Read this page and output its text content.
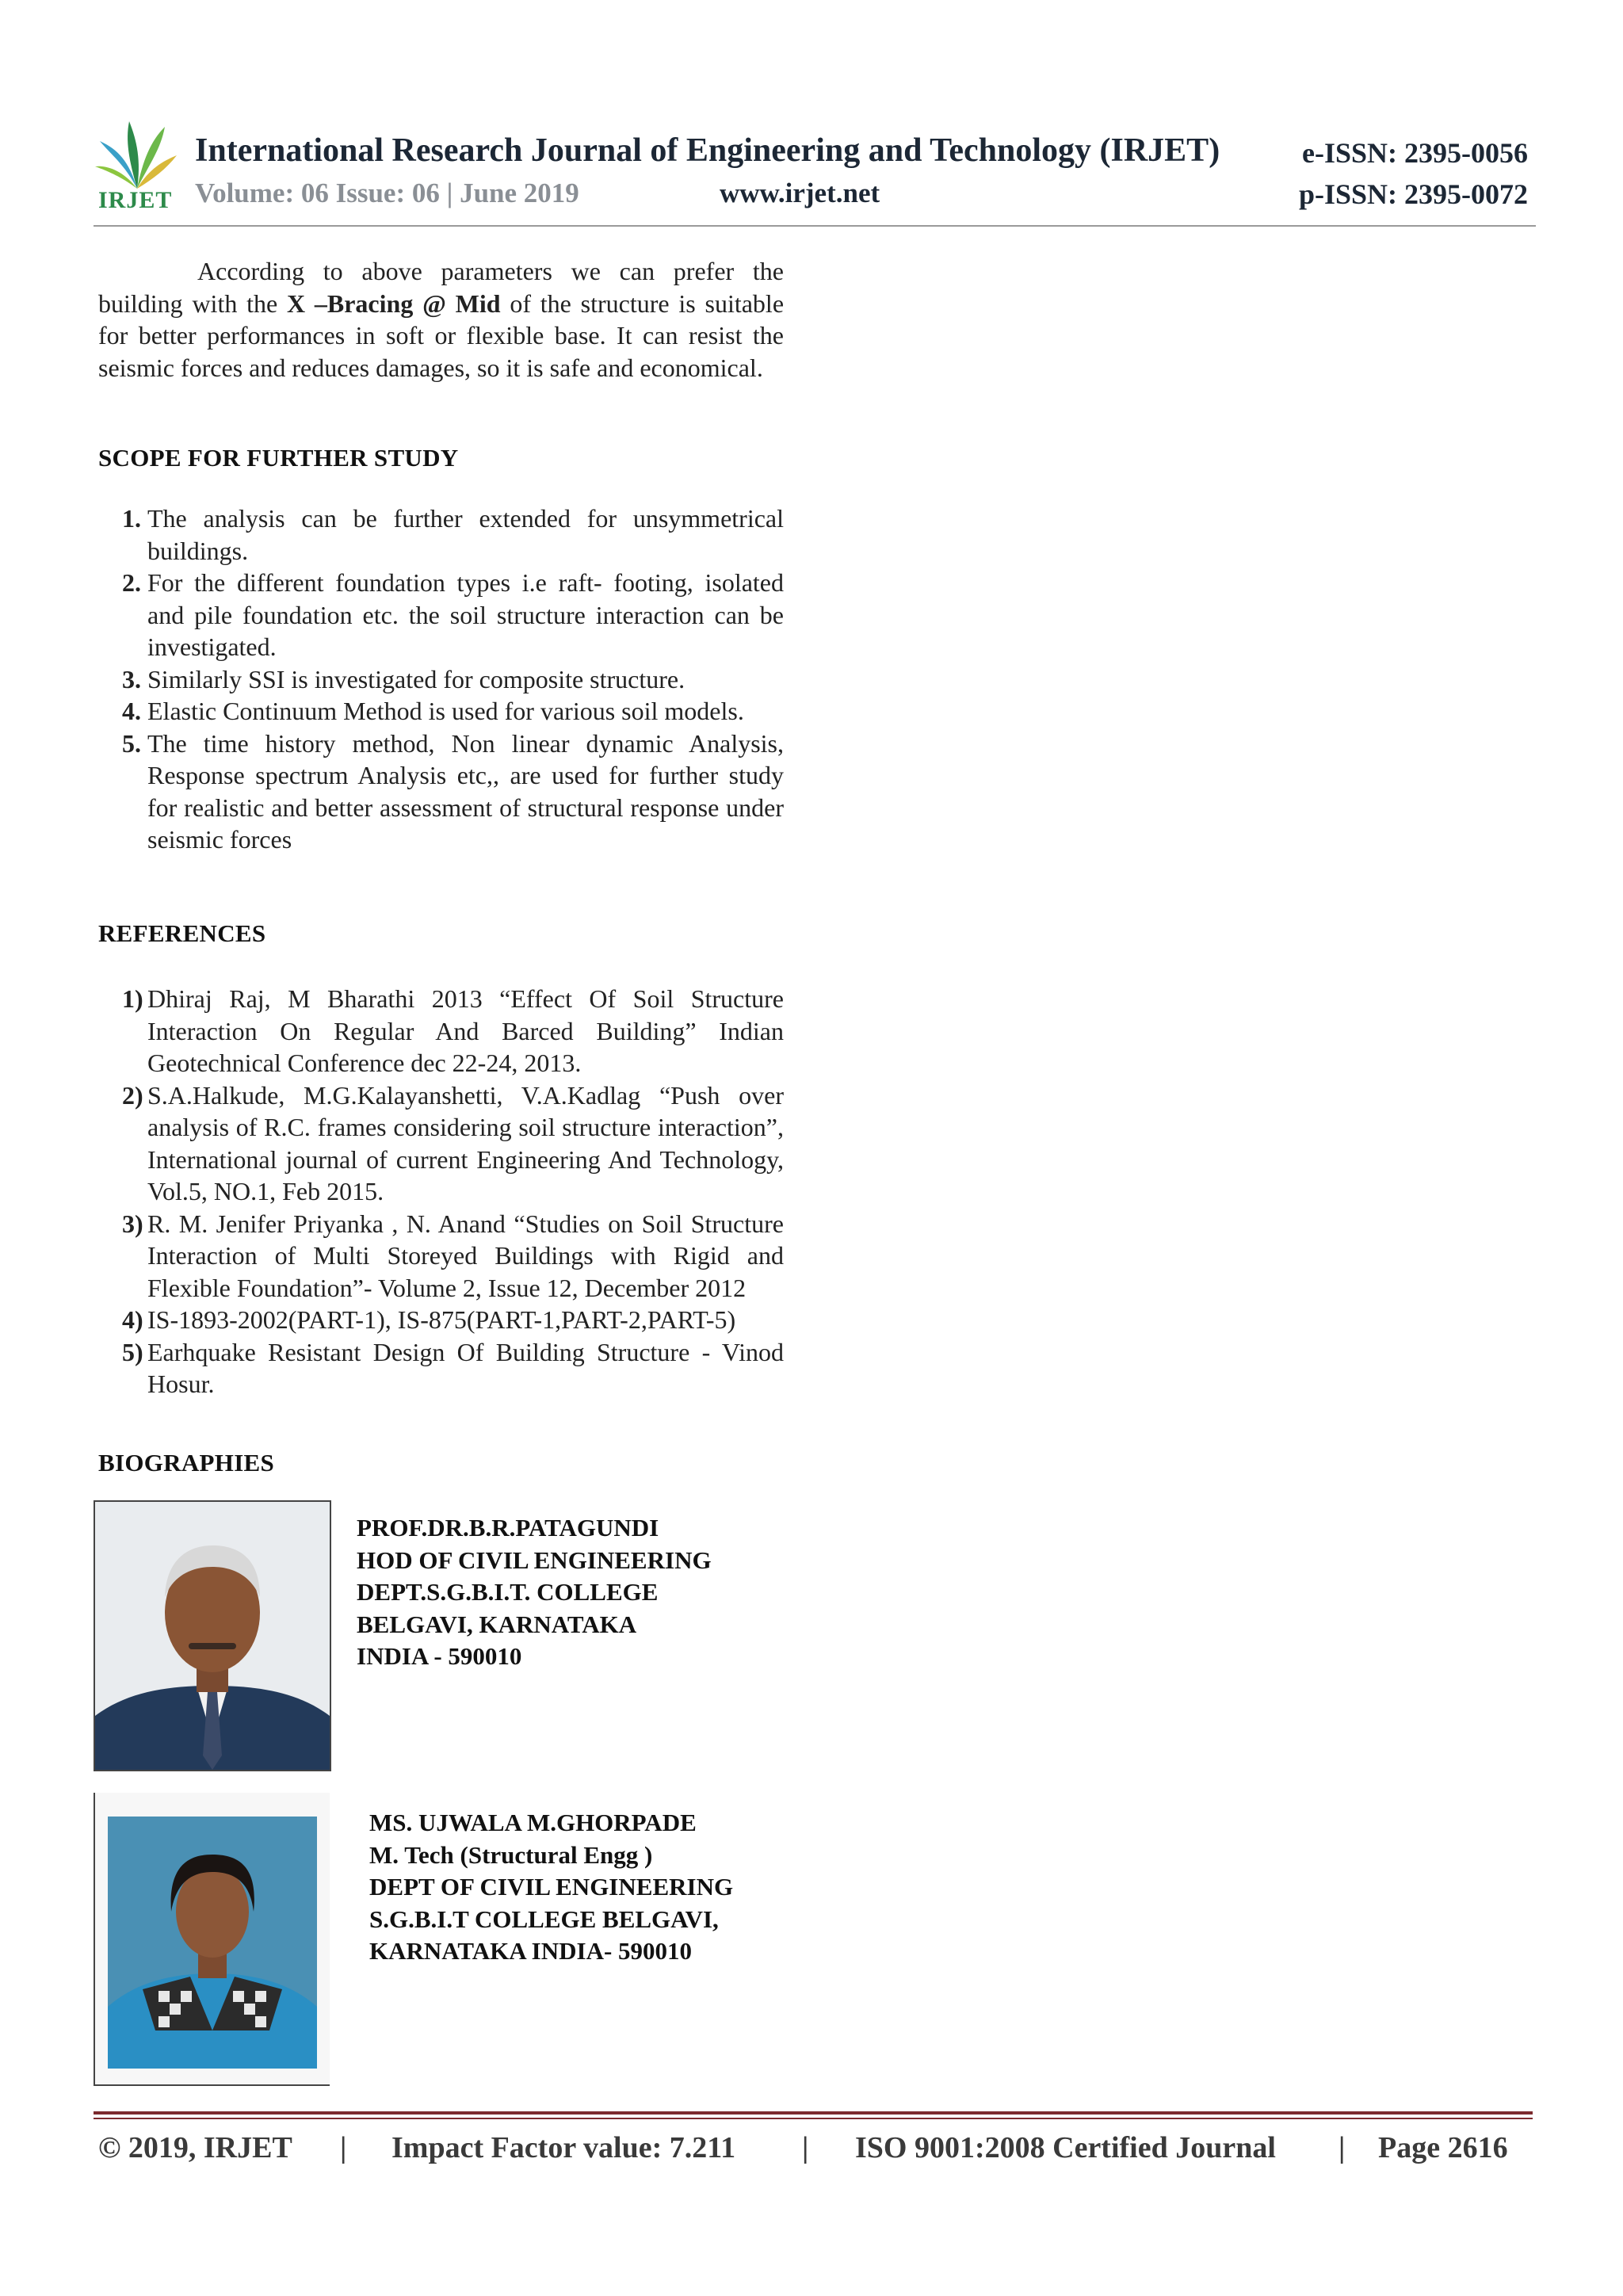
IRJET
International Research Journal of Engineering and Technology (IRJET)	e-ISSN: 2395-0056
Volume: 06 Issue: 06 | June 2019	www.irjet.net	p-ISSN: 2395-0072
According to above parameters we can prefer the building with the X –Bracing @ Mid of the structure is suitable for better performances in soft or flexible base. It can resist the seismic forces and reduces damages, so it is safe and economical.
SCOPE FOR FURTHER STUDY
1. The analysis can be further extended for unsymmetrical buildings.
2. For the different foundation types i.e raft- footing, isolated and pile foundation etc. the soil structure interaction can be investigated.
3. Similarly SSI is investigated for composite structure.
4. Elastic Continuum Method is used for various soil models.
5. The time history method, Non linear dynamic Analysis, Response spectrum Analysis etc,, are used for further study for realistic and better assessment of structural response under seismic forces
REFERENCES
1) Dhiraj Raj, M Bharathi 2013 “Effect Of Soil Structure Interaction On Regular And Barced Building” Indian Geotechnical Conference dec 22-24, 2013.
2) S.A.Halkude, M.G.Kalayanshetti, V.A.Kadlag “Push over analysis of R.C. frames considering soil structure interaction”, International journal of current Engineering And Technology, Vol.5, NO.1, Feb 2015.
3) R. M. Jenifer Priyanka , N. Anand “Studies on Soil Structure Interaction of Multi Storeyed Buildings with Rigid and Flexible Foundation”- Volume 2, Issue 12, December 2012
4) IS-1893-2002(PART-1), IS-875(PART-1,PART-2,PART-5)
5) Earhquake Resistant Design Of Building Structure - Vinod Hosur.
BIOGRAPHIES
PROF.DR.B.R.PATAGUNDI
HOD OF CIVIL ENGINEERING
DEPT.S.G.B.I.T. COLLEGE
BELGAVI, KARNATAKA
INDIA - 590010
MS. UJWALA M.GHORPADE
M. Tech (Structural Engg )
DEPT OF CIVIL ENGINEERING
S.G.B.I.T COLLEGE BELGAVI,
KARNATAKA INDIA- 590010
© 2019, IRJET | Impact Factor value: 7.211 | ISO 9001:2008 Certified Journal | Page 2616
